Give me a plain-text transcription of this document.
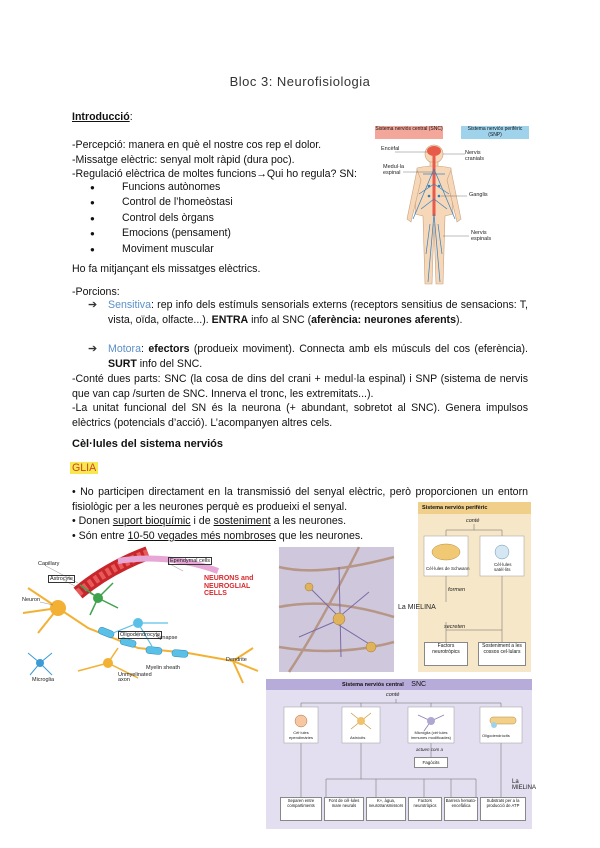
Bloc 3: Neurofisiologia
Introducció:
-Percepció: manera en què el nostre cos rep el dolor.
-Missatge elèctric: senyal molt ràpid (dura poc).
-Regulació elèctrica de moltes funcions→Qui ho regula? SN:
● Funcions autònomes
● Control de l’homeòstasi
● Control dels òrgans
● Emocions (pensament)
● Moviment muscular
Ho fa mitjançant els missatges elèctrics.
-Porcions:
➔ Sensitiva: rep info dels estímuls sensorials externs (receptors sensitius de sensacions: T, vista, oïda, olfacte...). ENTRA info al SNC (aferència: neurones aferents).
➔ Motora: efectors (produeix moviment). Connecta amb els músculs del cos (eferència). SURT info del SNC.
-Conté dues parts: SNC (la cosa de dins del crani + medul·la espinal) i SNP (sistema de nervis que van cap /surten de SNC. Innerva el tronc, les extremitats...).
-La unitat funcional del SN és la neurona (+ abundant, sobretot al SNC). Genera impulsos elèctrics (potencials d’acció). L’acompanyen altres cels.
Sistema nerviós central (SNC)	Sistema nerviós perifèric (SNP)
Encèfal
Medul·la espinal
Nervis cranials
Ganglis
Nervis espinals
Cèl·lules del sistema nerviós
GLIA
• No participen directament en la transmissió del senyal elèctric, però proporcionen un entorn fisiològic per a les neurones perquè es produeixi el senyal.
• Donen suport bioquímic i de sosteniment a les neurones.
• Són entre 10-50 vegades més nombroses que les neurones.
Sistema nerviós perifèric
conté
Cèl·lules de Schwann
Cèl·lules satèl·lits
formen
secreten
Factors neurotròpics
Sosteniment a les cossos cel·lulars
La MIELINA
Capillary
Astrocyte
Neuron
Ependymal cells
Oligodendrocyte
Synapse
Myelin sheath
Unmyelinated axon
Microglia
Dendrite
NEURONS and
NEUROGLIAL
CELLS
Sistema nerviós central SNC
conté
Cèl·lules ependimàries	Astròcits
Micròglia (cèl·lules immunes modificades)	Oligodendròcits
actuen com a
Fagòcits
Separen entre compartiments
Font de cèl·lules mare neurals
K+, àgua, neurotransmissors
Factors neurotròpics
Barrera hemato-encefàlica
Substrats per a la producció de ATP
La MIELINA
